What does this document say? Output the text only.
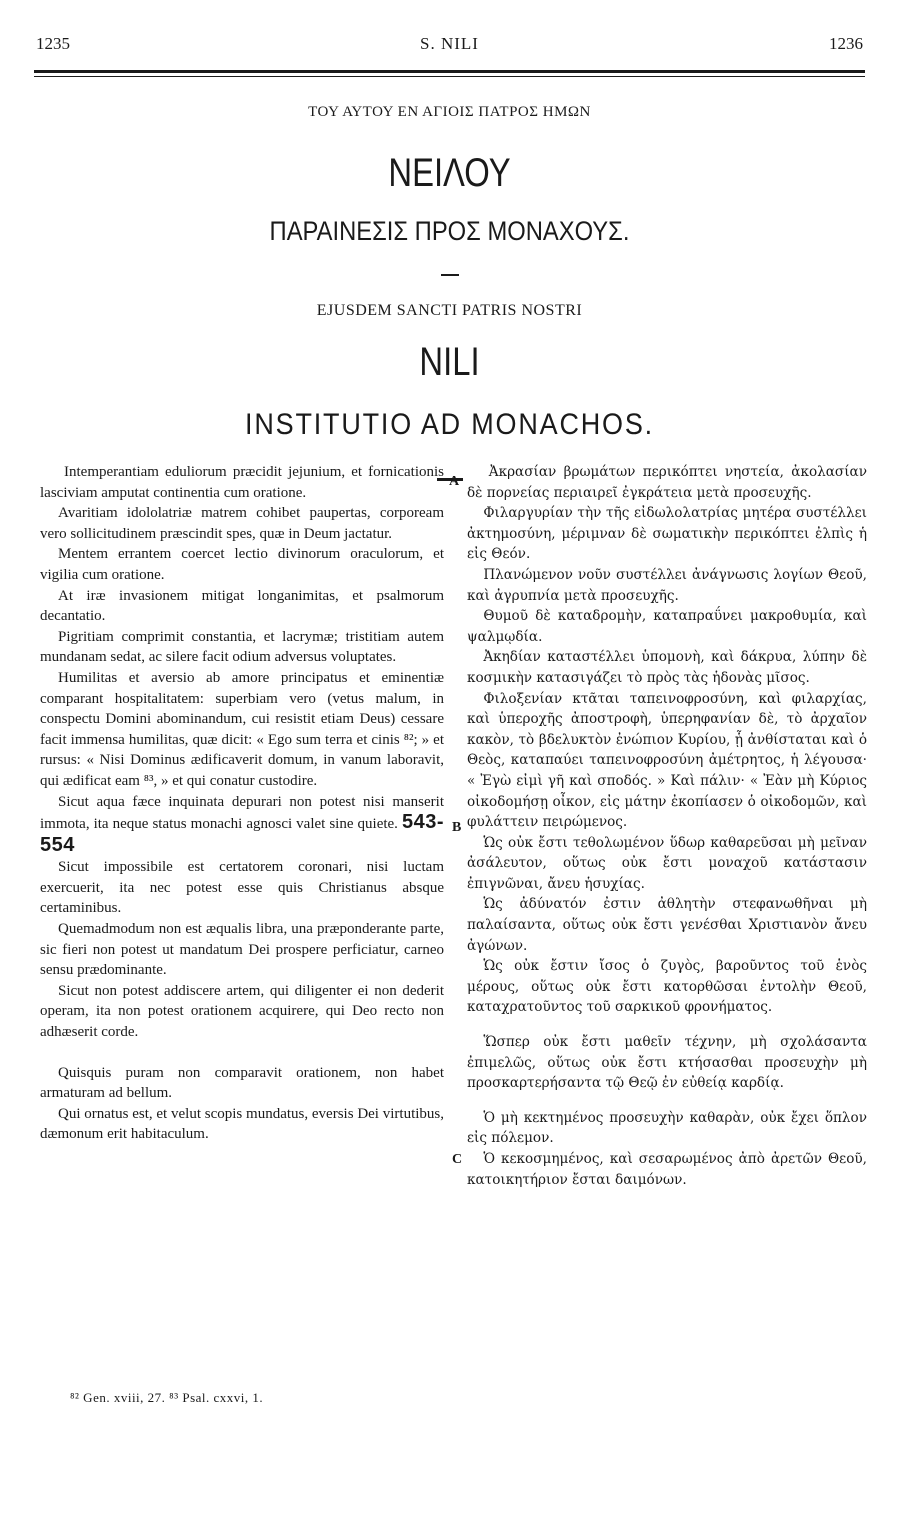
1235	S. NILI	1236
ΤΟΥ ΑΥΤΟΥ ΕΝ ΑΓΙΟΙΣ ΠΑΤΡΟΣ ΗΜΩΝ
ΝΕΙΛΟΥ
ΠΑΡΑΙΝΕΣΙΣ ΠΡΟΣ ΜΟΝΑΧΟΥΣ.
EJUSDEM SANCTI PATRIS NOSTRI
NILI
INSTITUTIO AD MONACHOS.
A
B
C

Intemperantiam eduliorum præcidit jejunium, et fornicationis lasciviam amputat continentia cum oratione.

Avaritiam idololatriæ matrem cohibet paupertas, corpoream vero sollicitudinem præscindit spes, quæ in Deum jactatur.

Mentem errantem coercet lectio divinorum oraculorum, et vigilia cum oratione.

At iræ invasionem mitigat longanimitas, et psalmorum decantatio.

Pigritiam comprimit constantia, et lacrymæ; tristitiam autem mundanam sedat, ac silere facit odium adversus voluptates.

Humilitas et aversio ab amore principatus et eminentiæ comparant hospitalitatem: superbiam vero (vetus malum, in conspectu Domini abominandum, cui resistit etiam Deus) cessare facit immensa humilitas, quæ dicit: « Ego sum terra et cinis ⁸²; » et rursus: « Nisi Dominus ædificaverit domum, in vanum laboravit, qui ædificat eam ⁸³, » et qui conatur custodire.

Sicut aqua fæce inquinata depurari non potest nisi manserit immota, ita neque status monachi agnosci valet sine quiete. 543-554

Sicut impossibile est certatorem coronari, nisi luctam exercuerit, ita nec potest esse quis Christianus absque certaminibus.

Quemadmodum non est æqualis libra, una præponderante parte, sic fieri non potest ut mandatum Dei prospere perficiatur, carneo sensu prædominante.

Sicut non potest addiscere artem, qui diligenter ei non dederit operam, ita non potest orationem acquirere, qui Deo recto non adhæserit corde.

Quisquis puram non comparavit orationem, non habet armaturam ad bellum.

Qui ornatus est, et velut scopis mundatus, eversis Dei virtutibus, dæmonum erit habitaculum.

Ἀκρασίαν βρωμάτων περικόπτει νηστεία, ἀκολασίαν δὲ πορνείας περιαιρεῖ ἐγκράτεια μετὰ προσευχῆς.

Φιλαργυρίαν τὴν τῆς εἰδωλολατρίας μητέρα συστέλλει ἀκτημοσύνη, μέριμναν δὲ σωματικὴν περικόπτει ἐλπὶς ἡ εἰς Θεόν.

Πλανώμενον νοῦν συστέλλει ἀνάγνωσις λογίων Θεοῦ, καὶ ἀγρυπνία μετὰ προσευχῆς.

Θυμοῦ δὲ καταδρομὴν, καταπραΰνει μακροθυμία, καὶ ψαλμῳδία.

Ἀκηδίαν καταστέλλει ὑπομονὴ, καὶ δάκρυα, λύπην δὲ κοσμικὴν κατασιγάζει τὸ πρὸς τὰς ἡδονὰς μῖσος.

Φιλοξενίαν κτᾶται ταπεινοφροσύνη, καὶ φιλαρχίας, καὶ ὑπεροχῆς ἀποστροφὴ, ὑπερηφανίαν δὲ, τὸ ἀρχαῖον κακὸν, τὸ βδελυκτὸν ἐνώπιον Κυρίου, ᾗ ἀνθίσταται καὶ ὁ Θεὸς, καταπαύει ταπεινοφροσύνη ἀμέτρητος, ἡ λέγουσα· « Ἐγὼ εἰμὶ γῆ καὶ σποδός. » Καὶ πάλιν· « Ἐὰν μὴ Κύριος οἰκοδομήσῃ οἶκον, εἰς μάτην ἐκοπίασεν ὁ οἰκοδομῶν, καὶ φυλάττειν πειρώμενος.

Ὡς οὐκ ἔστι τεθολωμένον ὕδωρ καθαρεῦσαι μὴ μεῖναν ἀσάλευτον, οὕτως οὐκ ἔστι μοναχοῦ κατάστασιν ἐπιγνῶναι, ἄνευ ἡσυχίας.

Ὡς ἀδύνατόν ἐστιν ἀθλητὴν στεφανωθῆναι μὴ παλαίσαντα, οὕτως οὐκ ἔστι γενέσθαι Χριστιανὸν ἄνευ ἀγώνων.

Ὡς οὐκ ἔστιν ἴσος ὁ ζυγὸς, βαροῦντος τοῦ ἑνὸς μέρους, οὕτως οὐκ ἔστι κατορθῶσαι ἐντολὴν Θεοῦ, καταχρατοῦντος τοῦ σαρκικοῦ φρονήματος.

Ὥσπερ οὐκ ἔστι μαθεῖν τέχνην, μὴ σχολάσαντα ἐπιμελῶς, οὕτως οὐκ ἔστι κτήσασθαι προσευχὴν μὴ προσκαρτερήσαντα τῷ Θεῷ ἐν εὐθείᾳ καρδίᾳ.

Ὁ μὴ κεκτημένος προσευχὴν καθαρὰν, οὐκ ἔχει ὅπλον εἰς πόλεμον.

Ὁ κεκοσμημένος, καὶ σεσαρωμένος ἀπὸ ἀρετῶν Θεοῦ, κατοικητήριον ἔσται δαιμόνων.

⁸² Gen. xviii, 27. ⁸³ Psal. cxxvi, 1.
